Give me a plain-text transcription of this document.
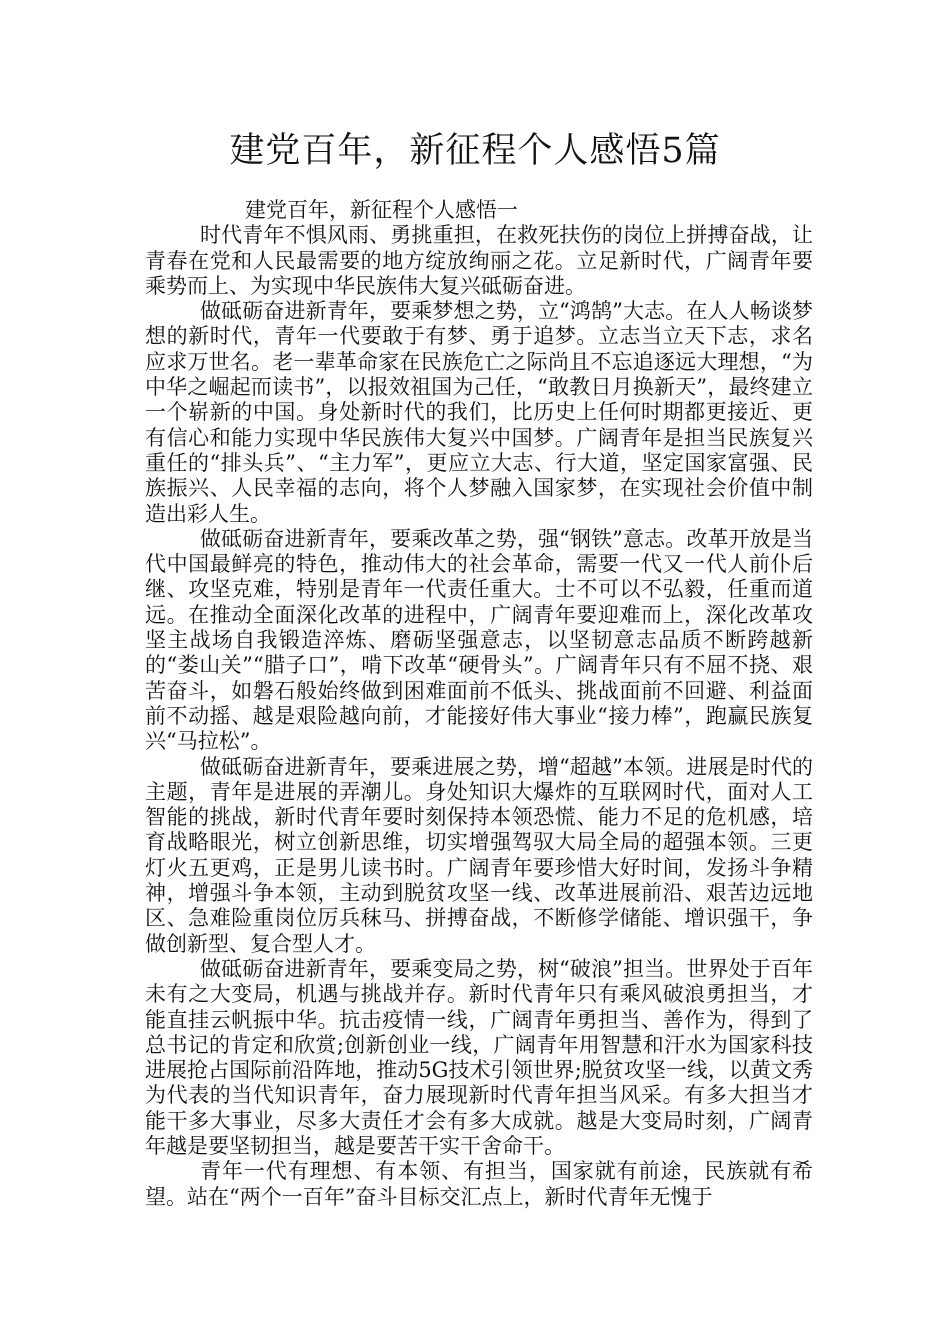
建党百年，新征程个人感悟5篇

建党百年，新征程个人感悟一

时代青年不惧风雨、勇挑重担，在救死扶伤的岗位上拼搏奋战，让青春在党和人民最需要的地方绽放绚丽之花。立足新时代，广阔青年要乘势而上、为实现中华民族伟大复兴砥砺奋进。

做砥砺奋进新青年，要乘梦想之势，立“鸿鹄”大志。在人人畅谈梦想的新时代，青年一代要敢于有梦、勇于追梦。立志当立天下志，求名应求万世名。老一辈革命家在民族危亡之际尚且不忘追逐远大理想，“为中华之崛起而读书”，以报效祖国为己任，“敢教日月换新天”，最终建立一个崭新的中国。身处新时代的我们，比历史上任何时期都更接近、更有信心和能力实现中华民族伟大复兴中国梦。广阔青年是担当民族复兴重任的“排头兵”、“主力军”，更应立大志、行大道，坚定国家富强、民族振兴、人民幸福的志向，将个人梦融入国家梦，在实现社会价值中制造出彩人生。

做砥砺奋进新青年，要乘改革之势，强“钢铁”意志。改革开放是当代中国最鲜亮的特色，推动伟大的社会革命，需要一代又一代人前仆后继、攻坚克难，特别是青年一代责任重大。士不可以不弘毅，任重而道远。在推动全面深化改革的进程中，广阔青年要迎难而上，深化改革攻坚主战场自我锻造淬炼、磨砺坚强意志，以坚韧意志品质不断跨越新的“娄山关”“腊子口”，啃下改革“硬骨头”。广阔青年只有不屈不挠、艰苦奋斗，如磐石般始终做到困难面前不低头、挑战面前不回避、利益面前不动摇、越是艰险越向前，才能接好伟大事业“接力棒”，跑赢民族复兴“马拉松”。

做砥砺奋进新青年，要乘进展之势，增“超越”本领。进展是时代的主题，青年是进展的弄潮儿。身处知识大爆炸的互联网时代，面对人工智能的挑战，新时代青年要时刻保持本领恐慌、能力不足的危机感，培育战略眼光，树立创新思维，切实增强驾驭大局全局的超强本领。三更灯火五更鸡，正是男儿读书时。广阔青年要珍惜大好时间，发扬斗争精神，增强斗争本领，主动到脱贫攻坚一线、改革进展前沿、艰苦边远地区、急难险重岗位厉兵秣马、拼搏奋战，不断修学储能、增识强干，争做创新型、复合型人才。

做砥砺奋进新青年，要乘变局之势，树“破浪”担当。世界处于百年未有之大变局，机遇与挑战并存。新时代青年只有乘风破浪勇担当，才能直挂云帆振中华。抗击疫情一线，广阔青年勇担当、善作为，得到了总书记的肯定和欣赏;创新创业一线，广阔青年用智慧和汗水为国家科技进展抢占国际前沿阵地，推动5G技术引领世界;脱贫攻坚一线，以黄文秀为代表的当代知识青年，奋力展现新时代青年担当风采。有多大担当才能干多大事业，尽多大责任才会有多大成就。越是大变局时刻，广阔青年越是要坚韧担当，越是要苦干实干舍命干。

青年一代有理想、有本领、有担当，国家就有前途，民族就有希望。站在“两个一百年”奋斗目标交汇点上，新时代青年无愧于
